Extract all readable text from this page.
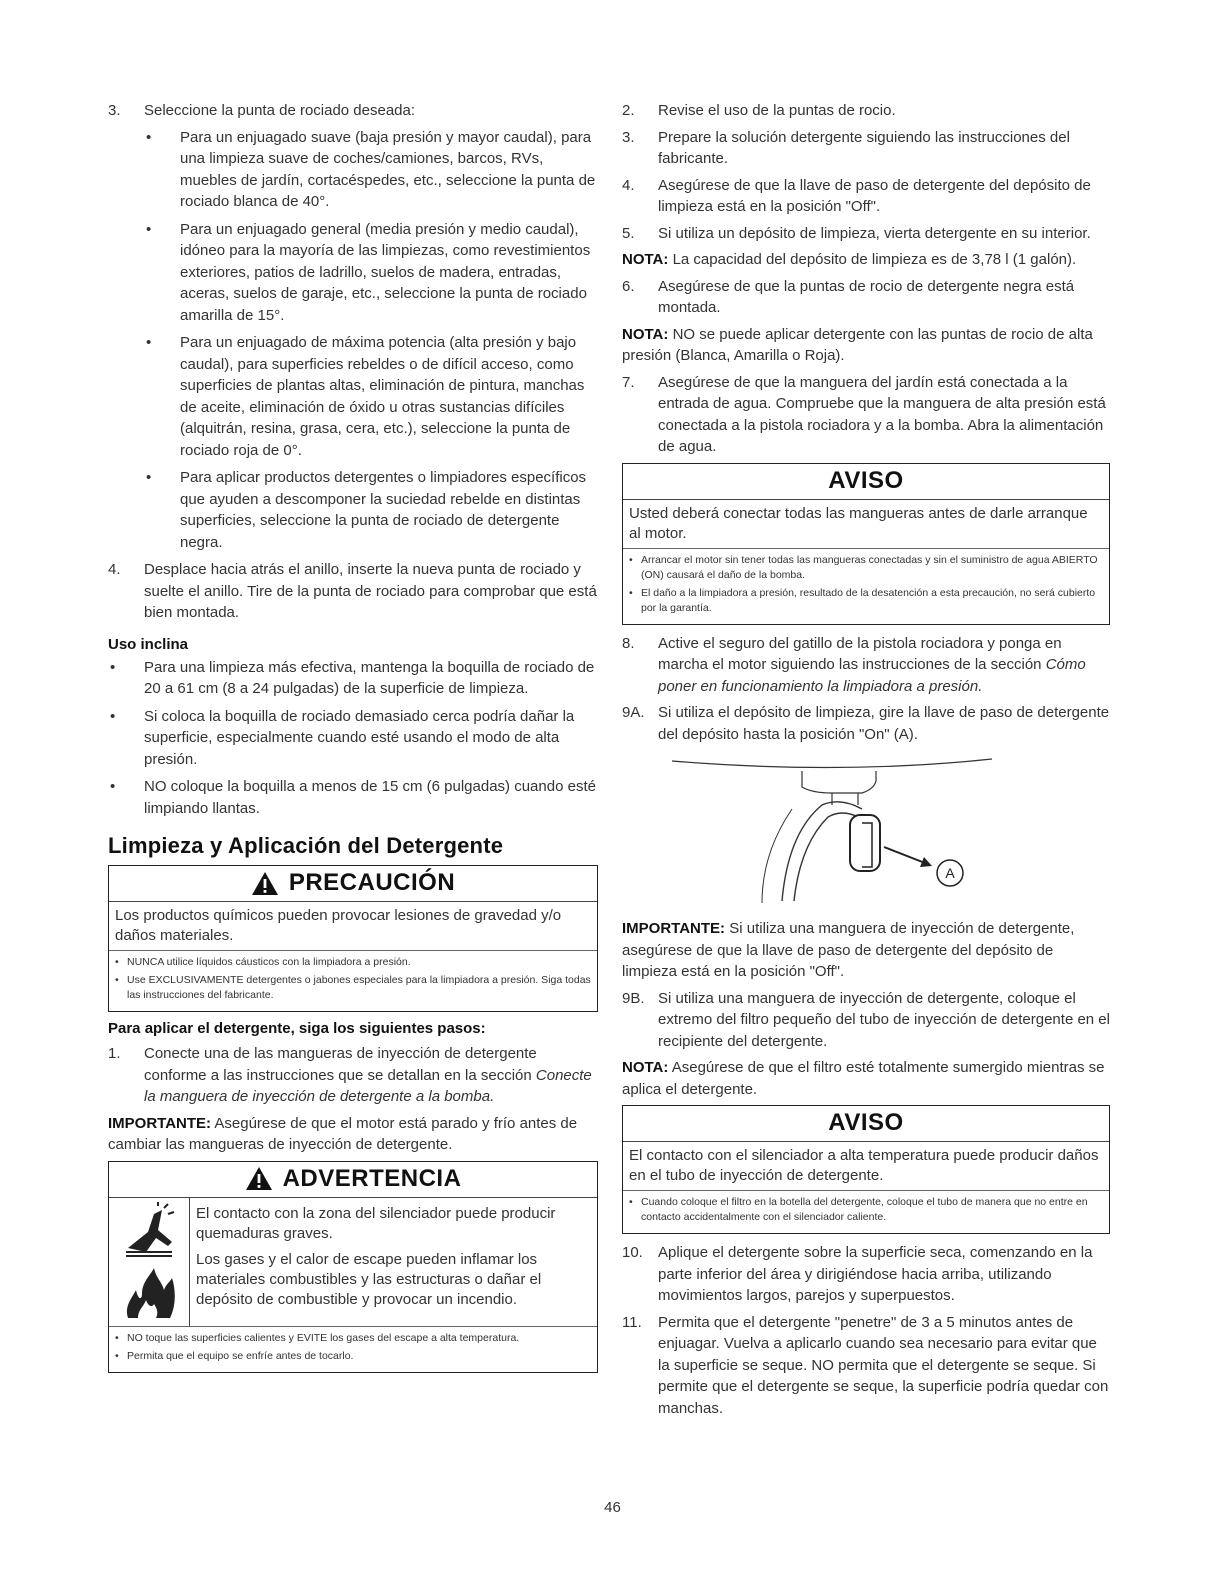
3.	Seleccione la punta de rociado deseada:
•	Para un enjuagado suave (baja presión y mayor caudal), para una limpieza suave de coches/camiones, barcos, RVs, muebles de jardín, cortacéspedes, etc., seleccione la punta de rociado blanca de 40°.
•	Para un enjuagado general (media presión y medio caudal), idóneo para la mayoría de las limpiezas, como revestimientos exteriores, patios de ladrillo, suelos de madera, entradas, aceras, suelos de garaje, etc., seleccione la punta de rociado amarilla de 15°.
•	Para un enjuagado de máxima potencia (alta presión y bajo caudal), para superficies rebeldes o de difícil acceso, como superficies de plantas altas, eliminación de pintura, manchas de aceite, eliminación de óxido u otras sustancias difíciles (alquitrán, resina, grasa, cera, etc.), seleccione la punta de rociado roja de 0°.
•	Para aplicar productos detergentes o limpiadores específicos que ayuden a descomponer la suciedad rebelde en distintas superficies, seleccione la punta de rociado de detergente negra.
4.	Desplace hacia atrás el anillo, inserte la nueva punta de rociado y suelte el anillo. Tire de la punta de rociado para comprobar que está bien montada.
Uso inclina
•	Para una limpieza más efectiva, mantenga la boquilla de rociado de 20 a 61 cm (8 a 24 pulgadas) de la superficie de limpieza.
•	Si coloca la boquilla de rociado demasiado cerca podría dañar la superficie, especialmente cuando esté usando el modo de alta presión.
•	NO coloque la boquilla a menos de 15 cm (6 pulgadas) cuando esté limpiando llantas.
Limpieza y Aplicación del Detergente
PRECAUCIÓN
Los productos químicos pueden provocar lesiones de gravedad y/o daños materiales.
• NUNCA utilice líquidos cáusticos con la limpiadora a presión.
• Use EXCLUSIVAMENTE detergentes o jabones especiales para la limpiadora a presión. Siga todas las instrucciones del fabricante.
Para aplicar el detergente, siga los siguientes pasos:
1.	Conecte una de las mangueras de inyección de detergente conforme a las instrucciones que se detallan en la sección Conecte la manguera de inyección de detergente a la bomba.

IMPORTANTE: Asegúrese de que el motor está parado y frío antes de cambiar las mangueras de inyección de detergente.

ADVERTENCIA
El contacto con la zona del silenciador puede producir quemaduras graves.
Los gases y el calor de escape pueden inflamar los materiales combustibles y las estructuras o dañar el depósito de combustible y provocar un incendio.
• NO toque las superficies calientes y EVITE los gases del escape a alta temperatura.
• Permita que el equipo se enfríe antes de tocarlo.
2.	Revise el uso de la puntas de rocio.
3.	Prepare la solución detergente siguiendo las instrucciones del fabricante.
4.	Asegúrese de que la llave de paso de detergente del depósito de limpieza está en la posición "Off".
5.	Si utiliza un depósito de limpieza, vierta detergente en su interior.

NOTA: La capacidad del depósito de limpieza es de 3,78 l (1 galón).

6.	Asegúrese de que la puntas de rocio de detergente negra está montada.

NOTA: NO se puede aplicar detergente con las puntas de rocio de alta presión (Blanca, Amarilla o Roja).

7.	Asegúrese de que la manguera del jardín está conectada a la entrada de agua. Compruebe que la manguera de alta presión está conectada a la pistola rociadora y a la bomba. Abra la alimentación de agua.
AVISO
Usted deberá conectar todas las mangueras antes de darle arranque al motor.
• Arrancar el motor sin tener todas las mangueras conectadas y sin el suministro de agua ABIERTO (ON) causará el daño de la bomba.
• El daño a la limpiadora a presión, resultado de la desatención a esta precaución, no será cubierto por la garantía.
8.	Active el seguro del gatillo de la pistola rociadora y ponga en marcha el motor siguiendo las instrucciones de la sección Cómo poner en funcionamiento la limpiadora a presión.
9A. Si utiliza el depósito de limpieza, gire la llave de paso de detergente del depósito hasta la posición "On" (A).
A

IMPORTANTE: Si utiliza una manguera de inyección de detergente, asegúrese de que la llave de paso de detergente del depósito de limpieza está en la posición "Off".

9B. Si utiliza una manguera de inyección de detergente, coloque el extremo del filtro pequeño del tubo de inyección de detergente en el recipiente del detergente.

NOTA: Asegúrese de que el filtro esté totalmente sumergido mientras se aplica el detergente.

AVISO
El contacto con el silenciador a alta temperatura puede producir daños en el tubo de inyección de detergente.
• Cuando coloque el filtro en la botella del detergente, coloque el tubo de manera que no entre en contacto accidentalmente con el silenciador caliente.
10.	Aplique el detergente sobre la superficie seca, comenzando en la parte inferior del área y dirigiéndose hacia arriba, utilizando movimientos largos, parejos y superpuestos.
11.	Permita que el detergente "penetre" de 3 a 5 minutos antes de enjuagar. Vuelva a aplicarlo cuando sea necesario para evitar que la superficie se seque. NO permita que el detergente se seque. Si permite que el detergente se seque, la superficie podría quedar con manchas.
46
